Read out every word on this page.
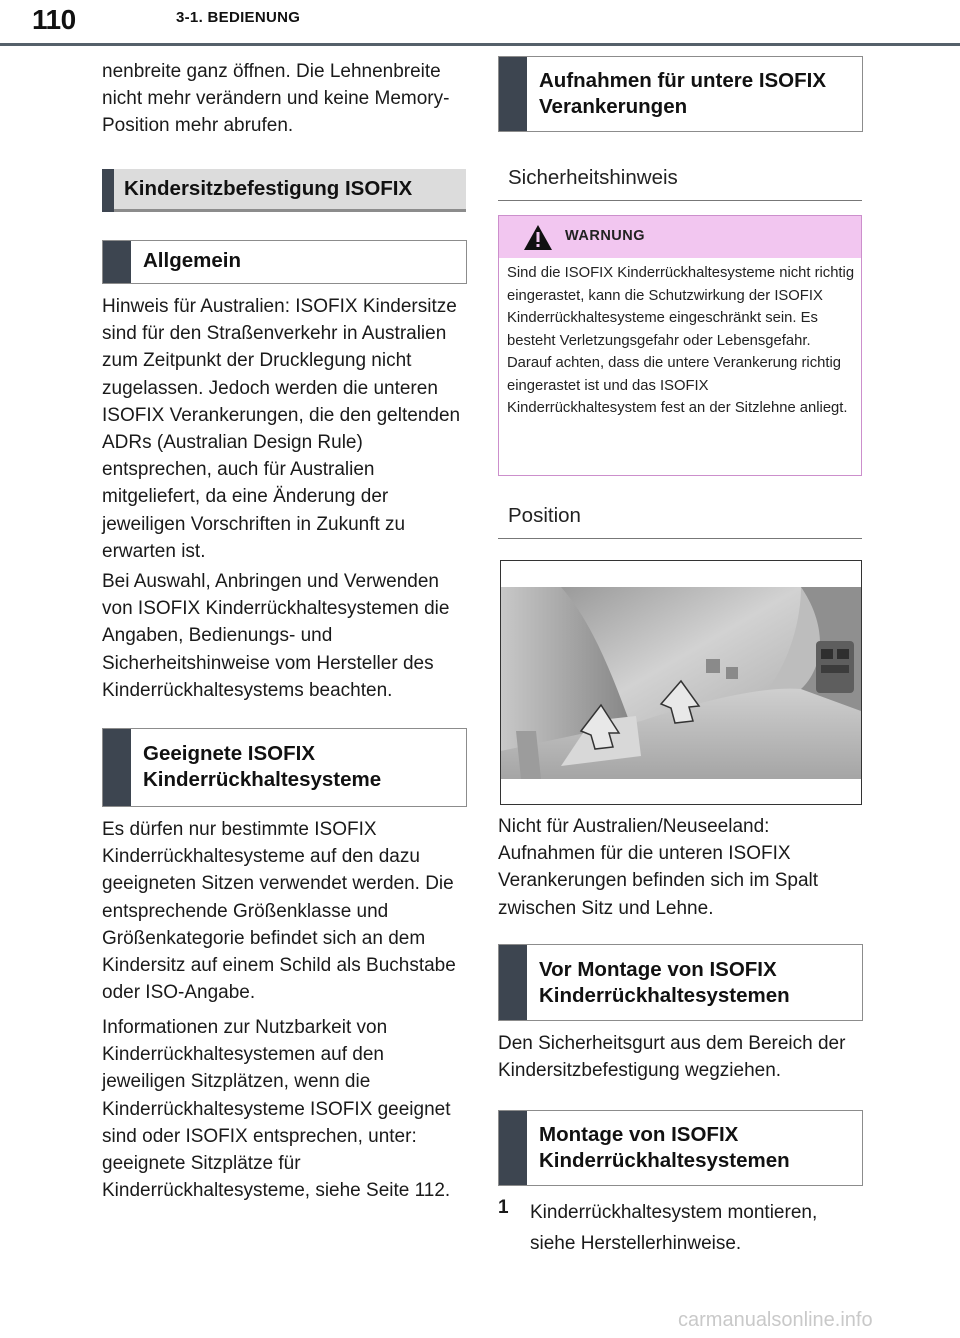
110	3-1. BEDIENUNG

nenbreite ganz öffnen. Die Lehnenbreite nicht mehr verändern und keine Memory-Position mehr abrufen.

Kindersitzbefestigung ISOFIX
Allgemein

Hinweis für Australien: ISOFIX Kindersitze sind für den Straßenverkehr in Australien zum Zeitpunkt der Drucklegung nicht zugelassen. Jedoch werden die unteren ISOFIX Verankerungen, die den geltenden ADRs (Australian Design Rule) entsprechen, auch für Australien mitgeliefert, da eine Änderung der jeweiligen Vorschriften in Zukunft zu erwarten ist.

Bei Auswahl, Anbringen und Verwenden von ISOFIX Kinderrückhaltesystemen die Angaben, Bedienungs- und Sicherheitshinweise vom Hersteller des Kinderrückhaltesystems beachten.

Geeignete ISOFIX Kinderrückhaltesysteme

Es dürfen nur bestimmte ISOFIX Kinderrückhaltesysteme auf den dazu geeigneten Sitzen verwendet werden. Die entsprechende Größenklasse und Größenkategorie befindet sich an dem Kindersitz auf einem Schild als Buchstabe oder ISO-Angabe.

Informationen zur Nutzbarkeit von Kinderrückhaltesystemen auf den jeweiligen Sitzplätzen, wenn die Kinderrückhaltesysteme ISOFIX geeignet sind oder ISOFIX entsprechen, unter: geeignete Sitzplätze für Kinderrückhaltesysteme, siehe Seite 112.

Aufnahmen für untere ISOFIX Verankerungen
Sicherheitshinweis
WARNUNG

Sind die ISOFIX Kinderrückhaltesysteme nicht richtig eingerastet, kann die Schutzwirkung der ISOFIX Kinderrückhaltesysteme eingeschränkt sein. Es besteht Verletzungsgefahr oder Lebensgefahr. Darauf achten, dass die untere Verankerung richtig eingerastet ist und das ISOFIX Kinderrückhaltesystem fest an der Sitzlehne anliegt.

Position

Nicht für Australien/Neuseeland: Aufnahmen für die unteren ISOFIX Verankerungen befinden sich im Spalt zwischen Sitz und Lehne.

Vor Montage von ISOFIX Kinderrückhaltesystemen

Den Sicherheitsgurt aus dem Bereich der Kindersitzbefestigung wegziehen.

Montage von ISOFIX Kinderrückhaltesystemen
1 Kinderrückhaltesystem montieren, siehe Herstellerhinweise.
carmanualsonline.info
